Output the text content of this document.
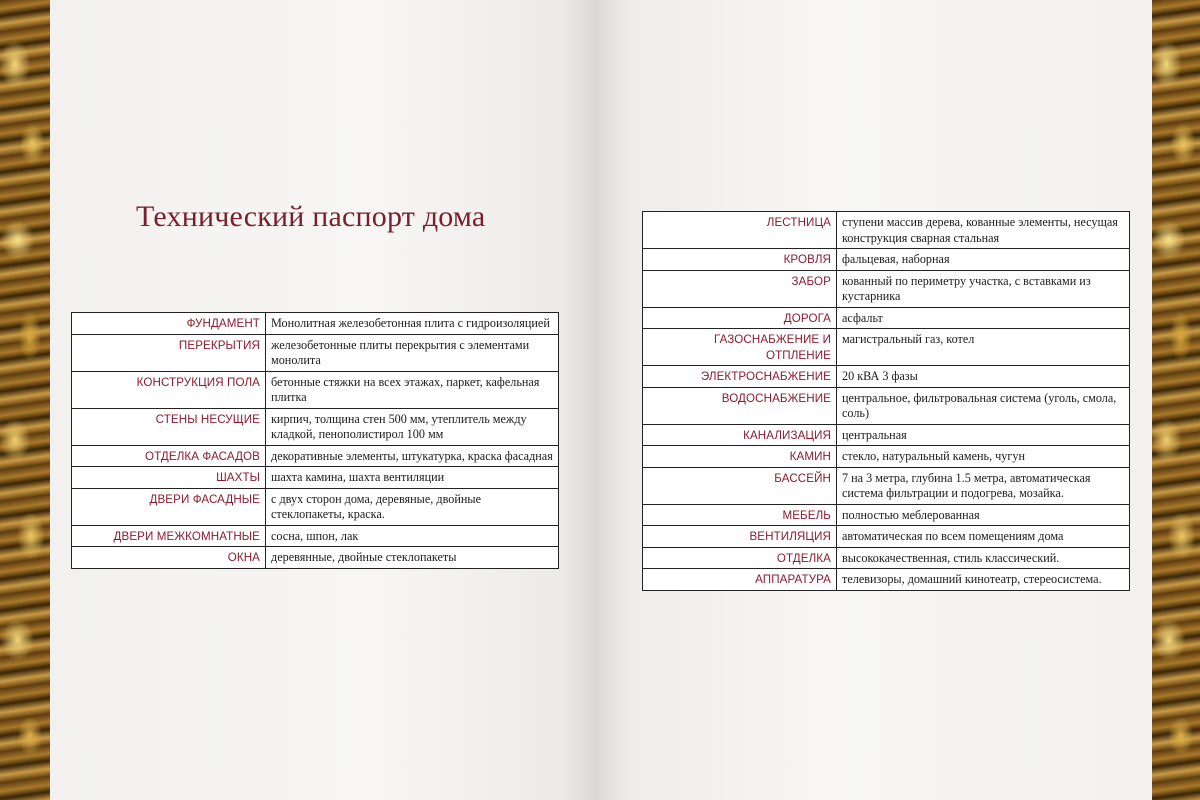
Технический паспорт дома
ФУНДАМЕНТ	Монолитная железобетонная плита с гидроизоляцией
ПЕРЕКРЫТИЯ	железобетонные плиты перекрытия с элементами монолита
КОНСТРУКЦИЯ ПОЛА	бетонные стяжки на всех этажах, паркет, кафельная плитка
СТЕНЫ НЕСУЩИЕ	кирпич, толщина стен 500 мм, утеплитель между кладкой, пенополистирол 100 мм
ОТДЕЛКА ФАСАДОВ	декоративные элементы, штукатурка, краска фасадная
ШАХТЫ	шахта камина, шахта вентиляции
ДВЕРИ ФАСАДНЫЕ	с двух сторон дома, деревяные, двойные стеклопакеты, краска.
ДВЕРИ МЕЖКОМНАТНЫЕ	сосна, шпон, лак
ОКНА	деревянные, двойные стеклопакеты
ЛЕСТНИЦА	ступени массив дерева, кованные элементы, несущая конструкция сварная стальная
КРОВЛЯ	фальцевая, наборная
ЗАБОР	кованный по периметру участка, с вставками из кустарника
ДОРОГА	асфальт
ГАЗОСНАБЖЕНИЕ И ОТПЛЕНИЕ	магистральный газ, котел
ЭЛЕКТРОСНАБЖЕНИЕ	20 кВА 3 фазы
ВОДОСНАБЖЕНИЕ	центральное, фильтровальная система (уголь, смола, соль)
КАНАЛИЗАЦИЯ	центральная
КАМИН	стекло, натуральный камень, чугун
БАССЕЙН	7 на 3 метра, глубина 1.5 метра, автоматическая система фильтрации и подогрева, мозайка.
МЕБЕЛЬ	полностью меблерованная
ВЕНТИЛЯЦИЯ	автоматическая по всем помещениям дома
ОТДЕЛКА	высококачественная, стиль классический.
АППАРАТУРА	телевизоры, домашний кинотеатр, стереосистема.
